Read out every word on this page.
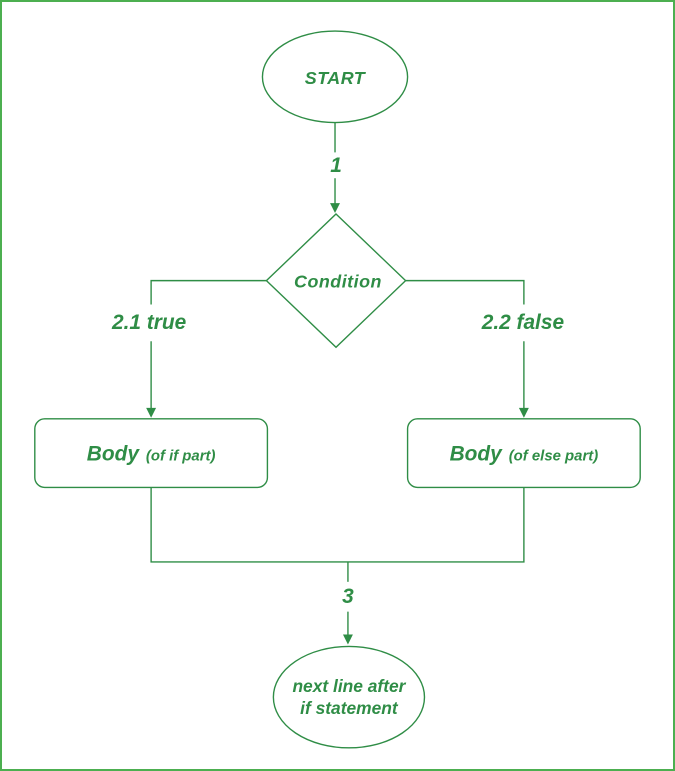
START
1
Condition
2.1 true	2.2 false
Body (of if part)	Body (of else part)
3
next line after
if statement
